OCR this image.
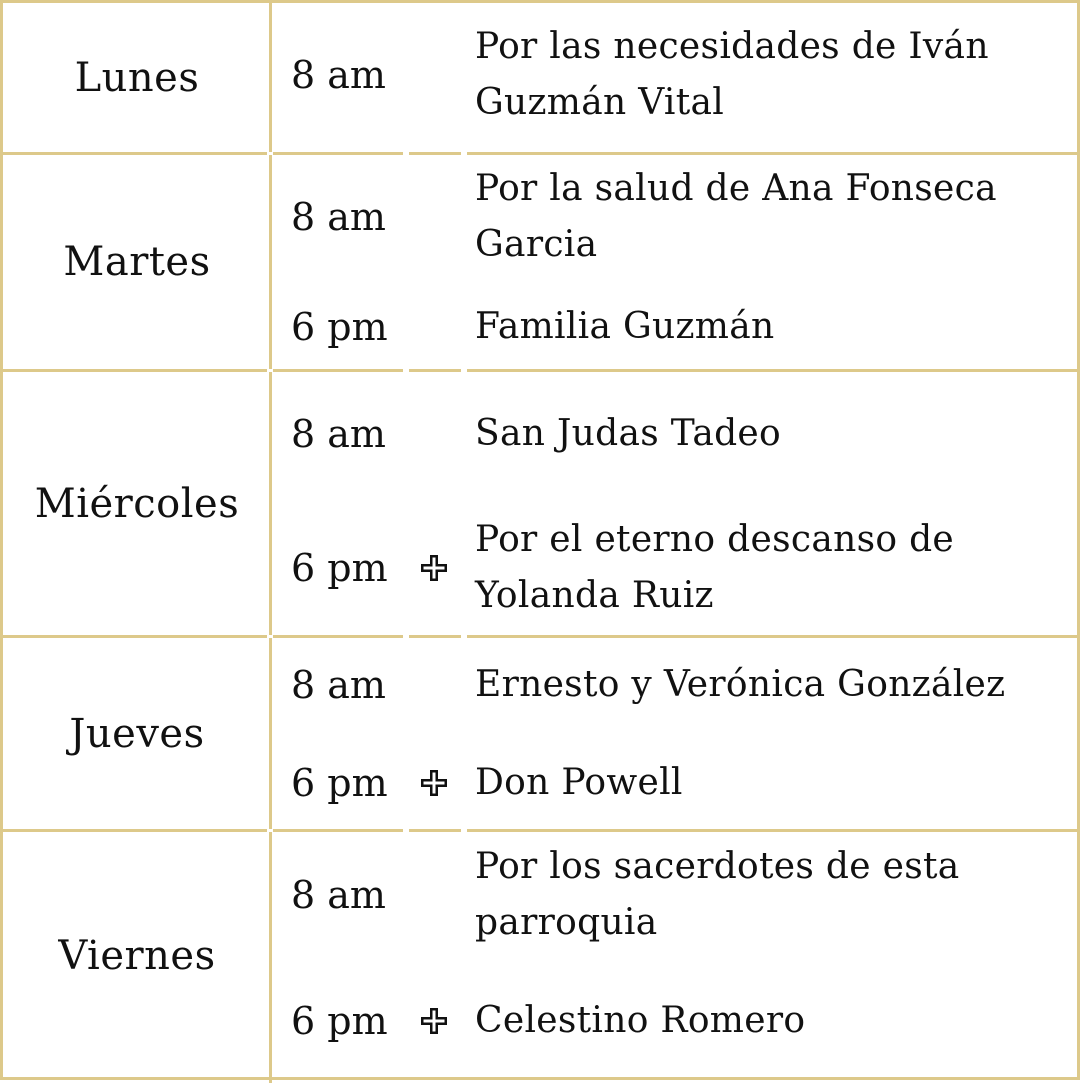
Lunes	8 am
Por las necesidades de Iván Guzmán Vital
Martes
8 am
Por la salud de Ana Fonseca Garcia
6 pm Familia Guzmán
Miércoles
8 am San Judas Tadeo
6 pm
Por el eterno descanso de Yolanda Ruiz
Jueves
8 am Ernesto y Verónica González
6 pm Don Powell
Viernes
8 am
Por los sacerdotes de esta parroquia
6 pm Celestino Romero
